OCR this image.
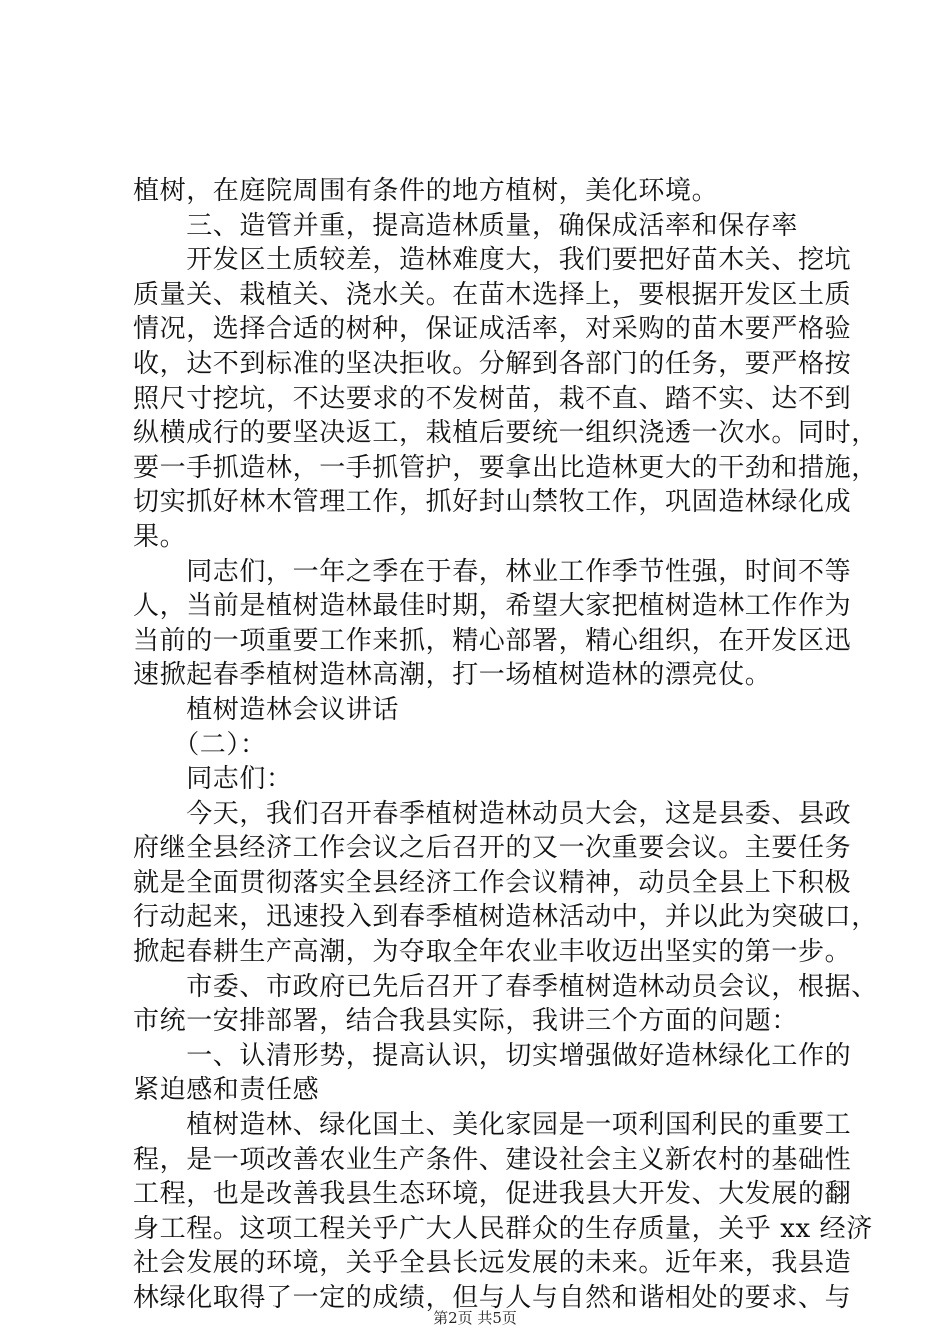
植树，在庭院周围有条件的地方植树，美化环境。
　　三、造管并重，提高造林质量，确保成活率和保存率
　　开发区土质较差，造林难度大，我们要把好苗木关、挖坑
质量关、栽植关、浇水关。在苗木选择上，要根据开发区土质
情况，选择合适的树种，保证成活率，对采购的苗木要严格验
收，达不到标准的坚决拒收。分解到各部门的任务，要严格按
照尺寸挖坑，不达要求的不发树苗，栽不直、踏不实、达不到
纵横成行的要坚决返工，栽植后要统一组织浇透一次水。同时，
要一手抓造林，一手抓管护，要拿出比造林更大的干劲和措施，
切实抓好林木管理工作，抓好封山禁牧工作，巩固造林绿化成
果。
　　同志们，一年之季在于春，林业工作季节性强，时间不等
人，当前是植树造林最佳时期，希望大家把植树造林工作作为
当前的一项重要工作来抓，精心部署，精心组织，在开发区迅
速掀起春季植树造林高潮，打一场植树造林的漂亮仗。
　　植树造林会议讲话
　　（二）：
　　同志们：
　　今天，我们召开春季植树造林动员大会，这是县委、县政
府继全县经济工作会议之后召开的又一次重要会议。主要任务
就是全面贯彻落实全县经济工作会议精神，动员全县上下积极
行动起来，迅速投入到春季植树造林活动中，并以此为突破口，
掀起春耕生产高潮，为夺取全年农业丰收迈出坚实的第一步。
　　市委、市政府已先后召开了春季植树造林动员会议，根据、
市统一安排部署，结合我县实际，我讲三个方面的问题：
　　一、认清形势，提高认识，切实增强做好造林绿化工作的
紧迫感和责任感
　　植树造林、绿化国土、美化家园是一项利国利民的重要工
程，是一项改善农业生产条件、建设社会主义新农村的基础性
工程，也是改善我县生态环境，促进我县大开发、大发展的翻
身工程。这项工程关乎广大人民群众的生存质量，关乎 xx 经济
社会发展的环境，关乎全县长远发展的未来。近年来，我县造
林绿化取得了一定的成绩，但与人与自然和谐相处的要求、与
第2页 共5页
